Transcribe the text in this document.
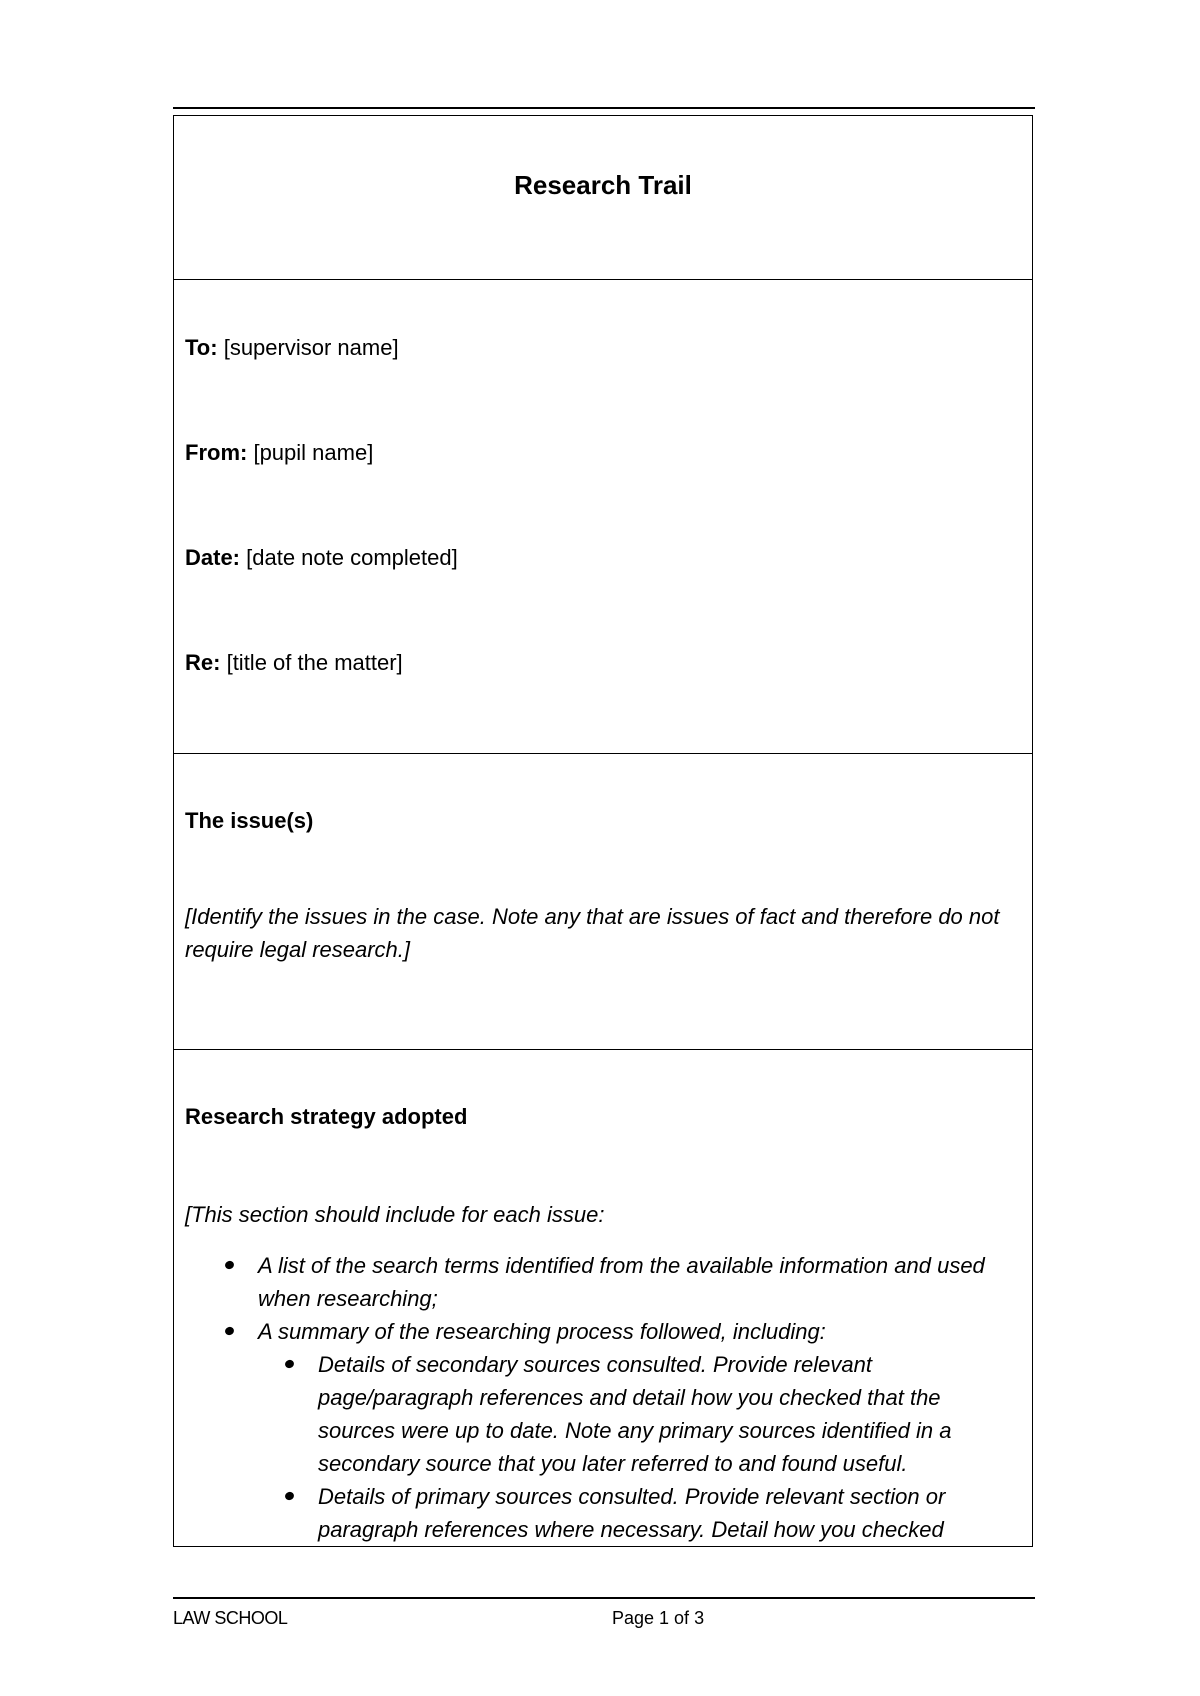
Research Trail
To: [supervisor name]
From: [pupil name]
Date: [date note completed]
Re: [title of the matter]
The issue(s)

[Identify the issues in the case. Note any that are issues of fact and therefore do not require legal research.]

Research strategy adopted

[This section should include for each issue:

A list of the search terms identified from the available information and used when researching;
A summary of the researching process followed, including:
Details of secondary sources consulted. Provide relevant page/paragraph references and detail how you checked that the sources were up to date. Note any primary sources identified in a secondary source that you later referred to and found useful.
Details of primary sources consulted. Provide relevant section or paragraph references where necessary. Detail how you checked
LAW SCHOOL	Page 1 of 3
